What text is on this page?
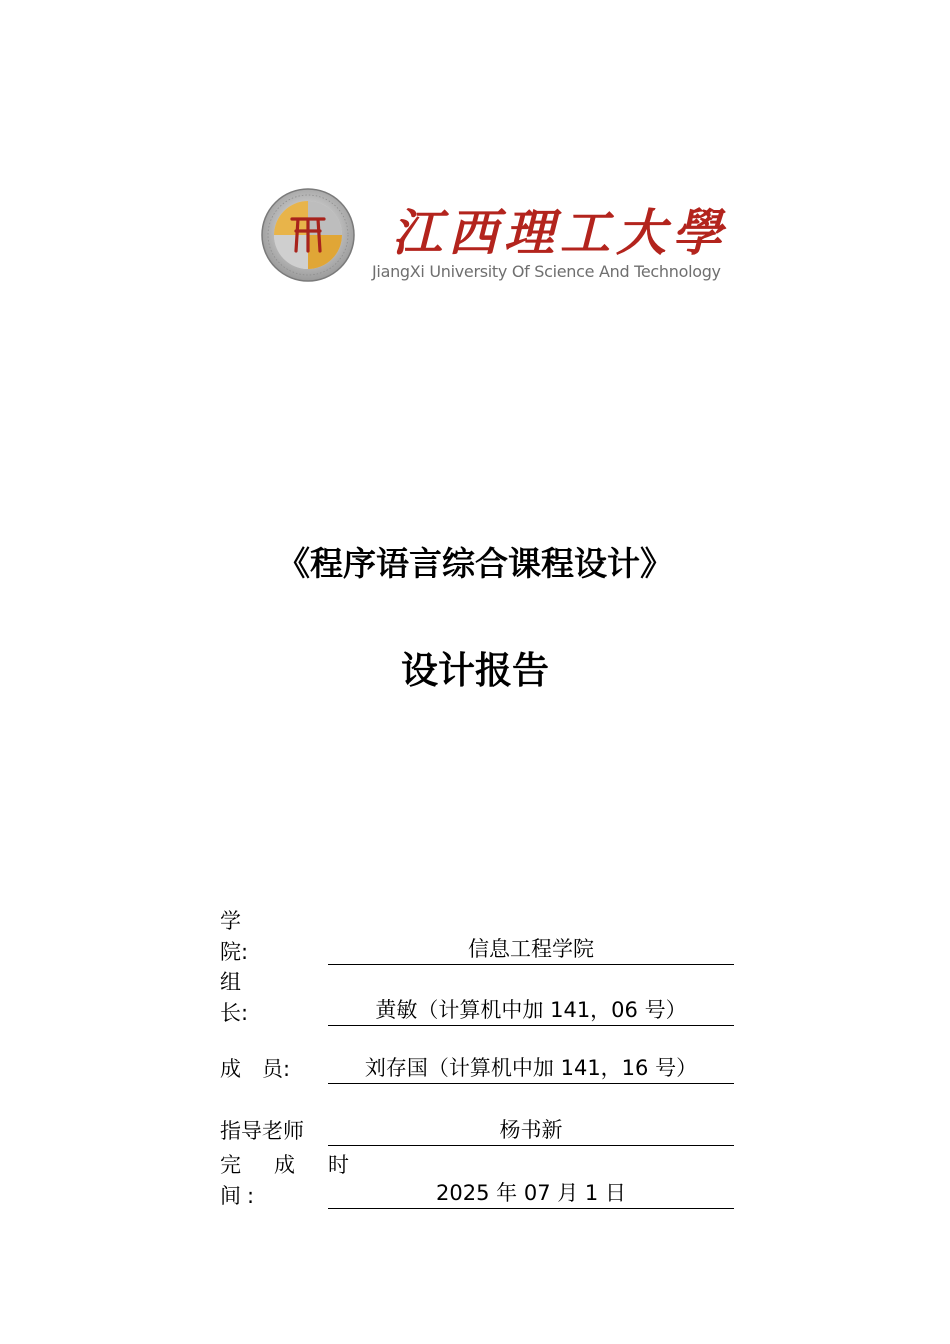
江西理工大學
JiangXi University Of Science And Technology
《程序语言综合课程设计》
设计报告
学
院:	信息工程学院
组
长:	黄敏（计算机中加 141，06 号）
成　员:	刘存国（计算机中加 141，16 号）
指导老师	杨书新
完　成　时
间:	2025 年 07 月 1 日
